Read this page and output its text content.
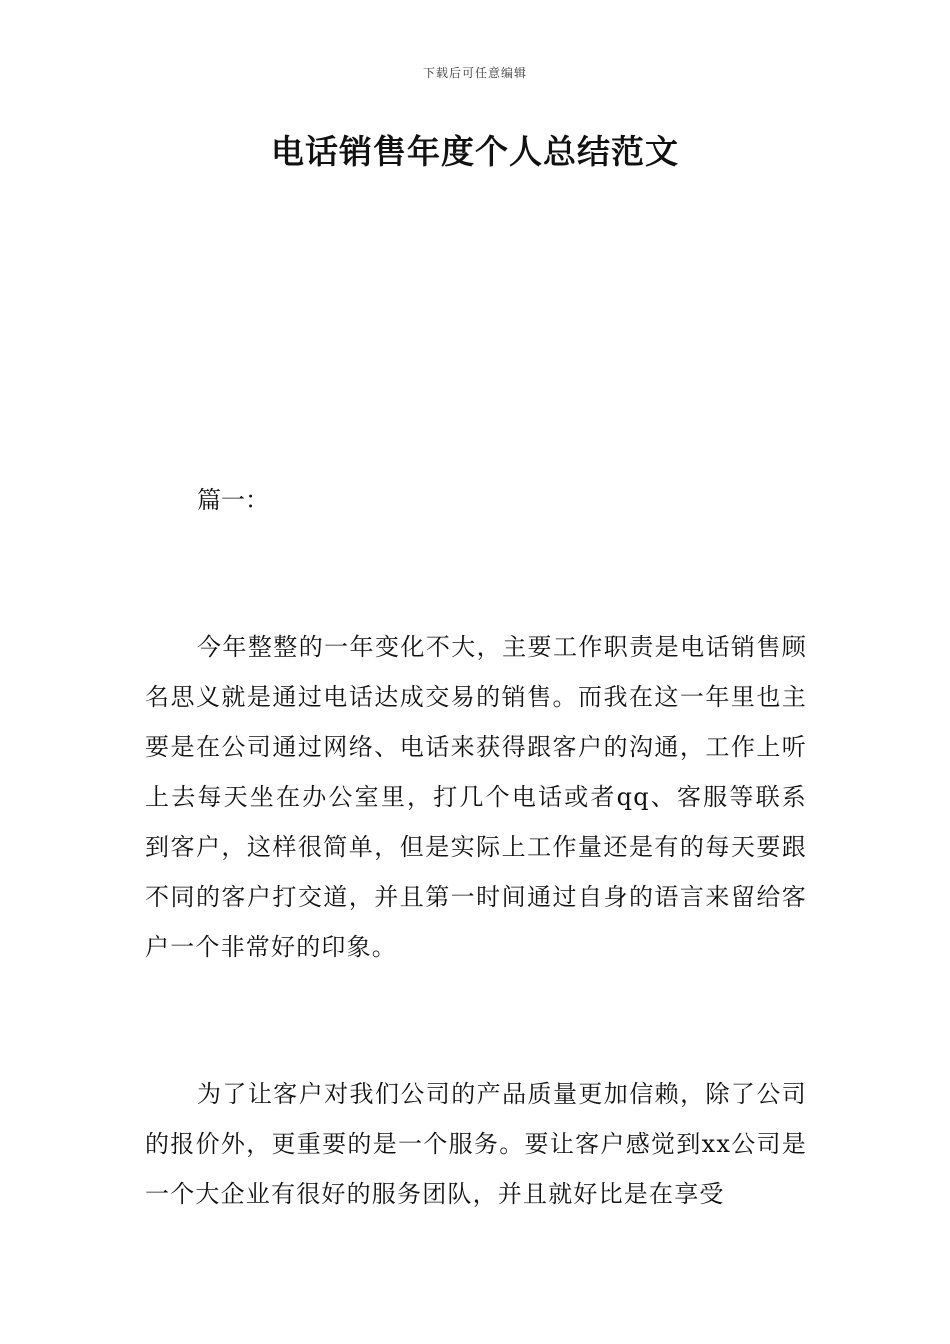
下载后可任意编辑
电话销售年度个人总结范文

篇一：

今年整整的一年变化不大，主要工作职责是电话销售顾名思义就是通过电话达成交易的销售。而我在这一年里也主要是在公司通过网络、电话来获得跟客户的沟通，工作上听上去每天坐在办公室里，打几个电话或者qq、客服等联系到客户，这样很简单，但是实际上工作量还是有的每天要跟不同的客户打交道，并且第一时间通过自身的语言来留给客户一个非常好的印象。

为了让客户对我们公司的产品质量更加信赖，除了公司的报价外，更重要的是一个服务。要让客户感觉到xx公司是一个大企业有很好的服务团队，并且就好比是在享受
